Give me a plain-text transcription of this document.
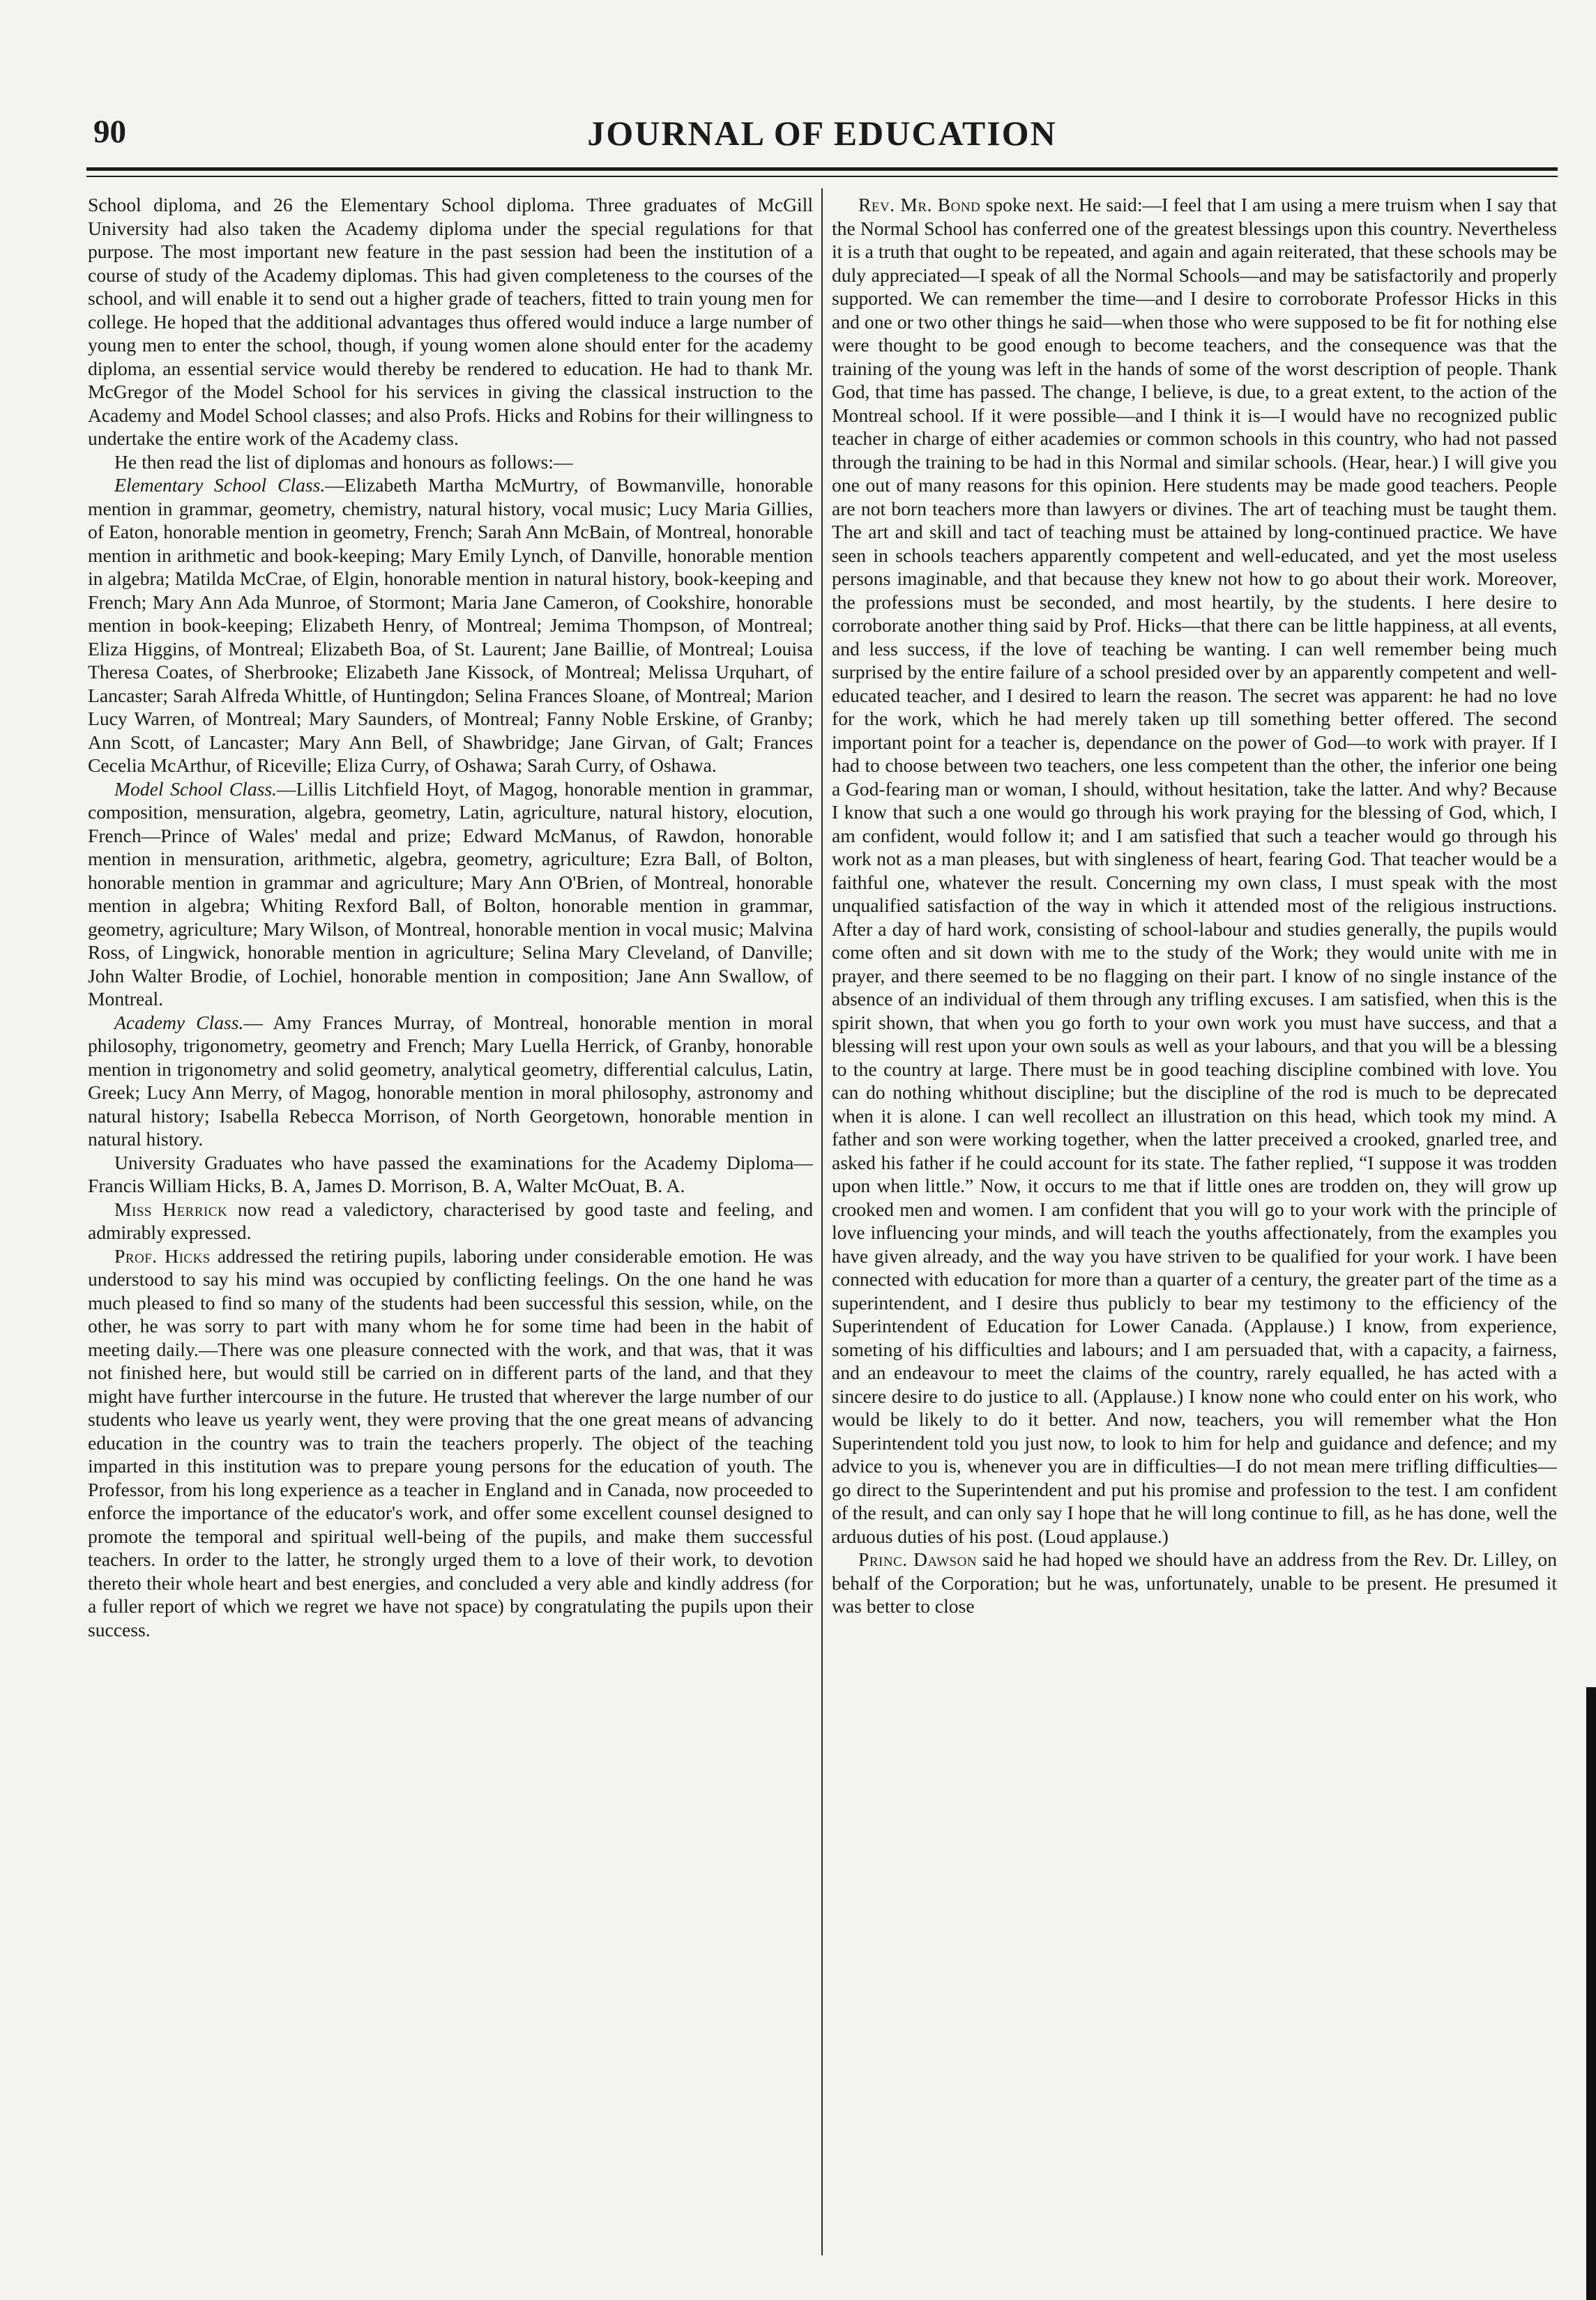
90	JOURNAL OF EDUCATION

School diploma, and 26 the Elementary School diploma. Three graduates of McGill University had also taken the Academy diploma under the special regulations for that purpose. The most important new feature in the past session had been the institution of a course of study of the Academy diplomas. This had given completeness to the courses of the school, and will enable it to send out a higher grade of teachers, fitted to train young men for college. He hoped that the additional advantages thus offered would induce a large number of young men to enter the school, though, if young women alone should enter for the academy diploma, an essential service would thereby be rendered to education. He had to thank Mr. McGregor of the Model School for his services in giving the classical instruction to the Academy and Model School classes; and also Profs. Hicks and Robins for their willingness to undertake the entire work of the Academy class.

He then read the list of diplomas and honours as follows:—

Elementary School Class.—Elizabeth Martha McMurtry, of Bowmanville, honorable mention in grammar, geometry, chemistry, natural history, vocal music; Lucy Maria Gillies, of Eaton, honorable mention in geometry, French; Sarah Ann McBain, of Montreal, honorable mention in arithmetic and book-keeping; Mary Emily Lynch, of Danville, honorable mention in algebra; Matilda McCrae, of Elgin, honorable mention in natural history, book-keeping and French; Mary Ann Ada Munroe, of Stormont; Maria Jane Cameron, of Cookshire, honorable mention in book-keeping; Elizabeth Henry, of Montreal; Jemima Thompson, of Montreal; Eliza Higgins, of Montreal; Elizabeth Boa, of St. Laurent; Jane Baillie, of Montreal; Louisa Theresa Coates, of Sherbrooke; Elizabeth Jane Kissock, of Montreal; Melissa Urquhart, of Lancaster; Sarah Alfreda Whittle, of Huntingdon; Selina Frances Sloane, of Montreal; Marion Lucy Warren, of Montreal; Mary Saunders, of Montreal; Fanny Noble Erskine, of Granby; Ann Scott, of Lancaster; Mary Ann Bell, of Shawbridge; Jane Girvan, of Galt; Frances Cecelia McArthur, of Riceville; Eliza Curry, of Oshawa; Sarah Curry, of Oshawa.

Model School Class.—Lillis Litchfield Hoyt, of Magog, honorable mention in grammar, composition, mensuration, algebra, geometry, Latin, agriculture, natural history, elocution, French—Prince of Wales' medal and prize; Edward McManus, of Rawdon, honorable mention in mensuration, arithmetic, algebra, geometry, agriculture; Ezra Ball, of Bolton, honorable mention in grammar and agriculture; Mary Ann O'Brien, of Montreal, honorable mention in algebra; Whiting Rexford Ball, of Bolton, honorable mention in grammar, geometry, agriculture; Mary Wilson, of Montreal, honorable mention in vocal music; Malvina Ross, of Lingwick, honorable mention in agriculture; Selina Mary Cleveland, of Danville; John Walter Brodie, of Lochiel, honorable mention in composition; Jane Ann Swallow, of Montreal.

Academy Class.— Amy Frances Murray, of Montreal, honorable mention in moral philosophy, trigonometry, geometry and French; Mary Luella Herrick, of Granby, honorable mention in trigonometry and solid geometry, analytical geometry, differential calculus, Latin, Greek; Lucy Ann Merry, of Magog, honorable mention in moral philosophy, astronomy and natural history; Isabella Rebecca Morrison, of North Georgetown, honorable mention in natural history.

University Graduates who have passed the examinations for the Academy Diploma—Francis William Hicks, B. A, James D. Morrison, B. A, Walter McOuat, B. A.

Miss Herrick now read a valedictory, characterised by good taste and feeling, and admirably expressed.

Prof. Hicks addressed the retiring pupils, laboring under considerable emotion. He was understood to say his mind was occupied by conflicting feelings. On the one hand he was much pleased to find so many of the students had been successful this session, while, on the other, he was sorry to part with many whom he for some time had been in the habit of meeting daily.—There was one pleasure connected with the work, and that was, that it was not finished here, but would still be carried on in different parts of the land, and that they might have further intercourse in the future. He trusted that wherever the large number of our students who leave us yearly went, they were proving that the one great means of advancing education in the country was to train the teachers properly. The object of the teaching imparted in this institution was to prepare young persons for the education of youth. The Professor, from his long experience as a teacher in England and in Canada, now proceeded to enforce the importance of the educator's work, and offer some excellent counsel designed to promote the temporal and spiritual well-being of the pupils, and make them successful teachers. In order to the latter, he strongly urged them to a love of their work, to devotion thereto their whole heart and best energies, and concluded a very able and kindly address (for a fuller report of which we regret we have not space) by congratulating the pupils upon their success.

Rev. Mr. Bond spoke next. He said:—I feel that I am using a mere truism when I say that the Normal School has conferred one of the greatest blessings upon this country. Nevertheless it is a truth that ought to be repeated, and again and again reiterated, that these schools may be duly appreciated—I speak of all the Normal Schools—and may be satisfactorily and properly supported. We can remember the time—and I desire to corroborate Professor Hicks in this and one or two other things he said—when those who were supposed to be fit for nothing else were thought to be good enough to become teachers, and the consequence was that the training of the young was left in the hands of some of the worst description of people. Thank God, that time has passed. The change, I believe, is due, to a great extent, to the action of the Montreal school. If it were possible—and I think it is—I would have no recognized public teacher in charge of either academies or common schools in this country, who had not passed through the training to be had in this Normal and similar schools. (Hear, hear.) I will give you one out of many reasons for this opinion. Here students may be made good teachers. People are not born teachers more than lawyers or divines. The art of teaching must be taught them. The art and skill and tact of teaching must be attained by long-continued practice. We have seen in schools teachers apparently competent and well-educated, and yet the most useless persons imaginable, and that because they knew not how to go about their work. Moreover, the professions must be seconded, and most heartily, by the students. I here desire to corroborate another thing said by Prof. Hicks—that there can be little happiness, at all events, and less success, if the love of teaching be wanting. I can well remember being much surprised by the entire failure of a school presided over by an apparently competent and well-educated teacher, and I desired to learn the reason. The secret was apparent: he had no love for the work, which he had merely taken up till something better offered. The second important point for a teacher is, dependance on the power of God—to work with prayer. If I had to choose between two teachers, one less competent than the other, the inferior one being a God-fearing man or woman, I should, without hesitation, take the latter. And why? Because I know that such a one would go through his work praying for the blessing of God, which, I am confident, would follow it; and I am satisfied that such a teacher would go through his work not as a man pleases, but with singleness of heart, fearing God. That teacher would be a faithful one, whatever the result. Concerning my own class, I must speak with the most unqualified satisfaction of the way in which it attended most of the religious instructions. After a day of hard work, consisting of school-labour and studies generally, the pupils would come often and sit down with me to the study of the Work; they would unite with me in prayer, and there seemed to be no flagging on their part. I know of no single instance of the absence of an individual of them through any trifling excuses. I am satisfied, when this is the spirit shown, that when you go forth to your own work you must have success, and that a blessing will rest upon your own souls as well as your labours, and that you will be a blessing to the country at large. There must be in good teaching discipline combined with love. You can do nothing whithout discipline; but the discipline of the rod is much to be deprecated when it is alone. I can well recollect an illustration on this head, which took my mind. A father and son were working together, when the latter preceived a crooked, gnarled tree, and asked his father if he could account for its state. The father replied, “I suppose it was trodden upon when little.” Now, it occurs to me that if little ones are trodden on, they will grow up crooked men and women. I am confident that you will go to your work with the principle of love influencing your minds, and will teach the youths affectionately, from the examples you have given already, and the way you have striven to be qualified for your work. I have been connected with education for more than a quarter of a century, the greater part of the time as a superintendent, and I desire thus publicly to bear my testimony to the efficiency of the Superintendent of Education for Lower Canada. (Applause.) I know, from experience, someting of his difficulties and labours; and I am persuaded that, with a capacity, a fairness, and an endeavour to meet the claims of the country, rarely equalled, he has acted with a sincere desire to do justice to all. (Applause.) I know none who could enter on his work, who would be likely to do it better. And now, teachers, you will remember what the Hon Superintendent told you just now, to look to him for help and guidance and defence; and my advice to you is, whenever you are in difficulties—I do not mean mere trifling difficulties—go direct to the Superintendent and put his promise and profession to the test. I am confident of the result, and can only say I hope that he will long continue to fill, as he has done, well the arduous duties of his post. (Loud applause.)

Princ. Dawson said he had hoped we should have an address from the Rev. Dr. Lilley, on behalf of the Corporation; but he was, unfortunately, unable to be present. He presumed it was better to close
